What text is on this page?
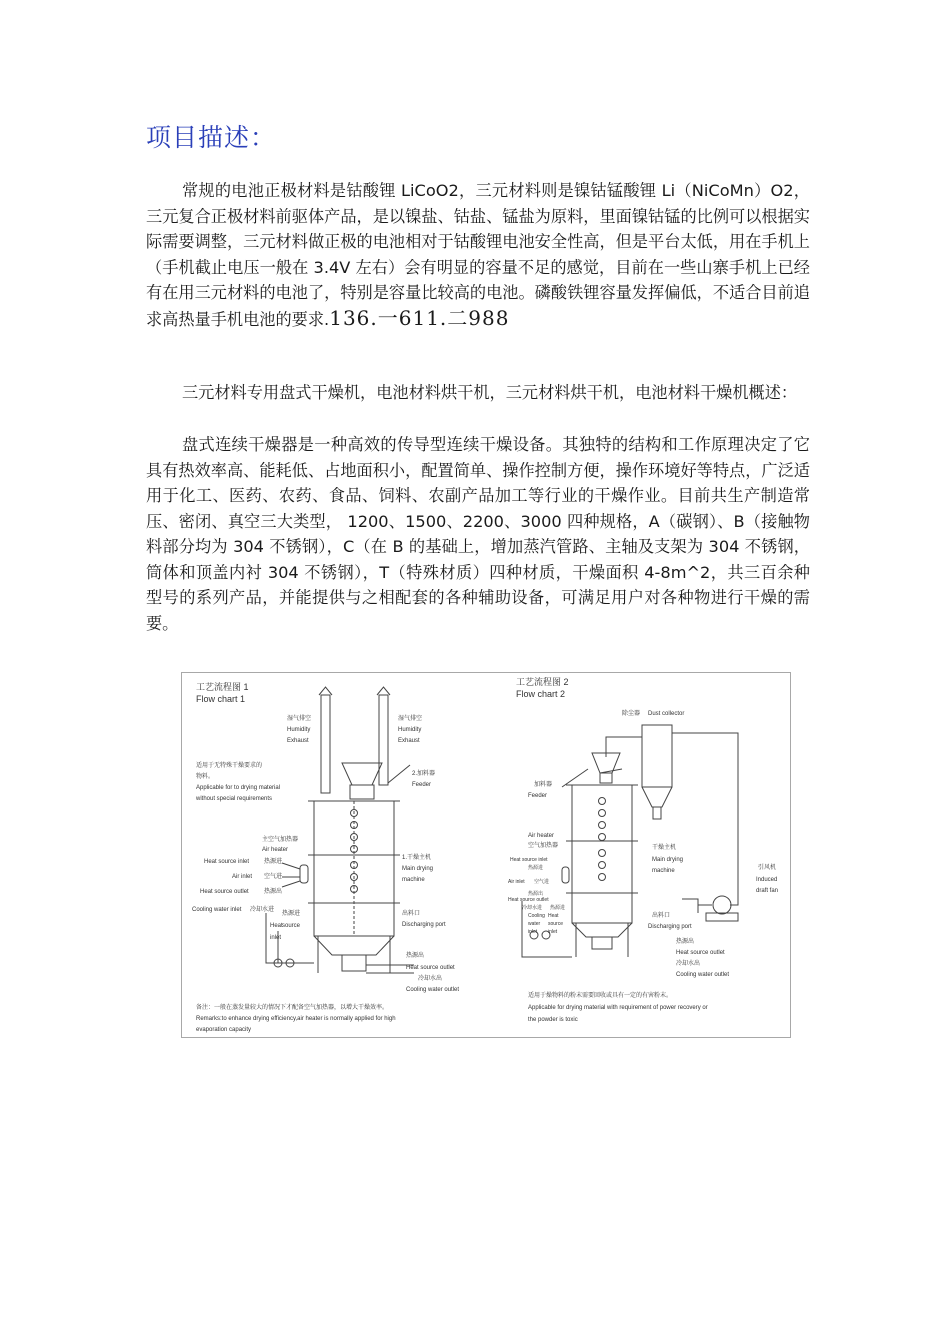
项目描述：

常规的电池正极材料是钴酸锂 LiCoO2，三元材料则是镍钴锰酸锂 Li（NiCoMn）O2，三元复合正极材料前驱体产品，是以镍盐、钴盐、锰盐为原料，里面镍钴锰的比例可以根据实际需要调整，三元材料做正极的电池相对于钴酸锂电池安全性高，但是平台太低，用在手机上（手机截止电压一般在 3.4V 左右）会有明显的容量不足的感觉，目前在一些山寨手机上已经有在用三元材料的电池了，特别是容量比较高的电池。磷酸铁锂容量发挥偏低，不适合目前追求高热量手机电池的要求.136.一611.二988

三元材料专用盘式干燥机，电池材料烘干机，三元材料烘干机，电池材料干燥机概述：

盘式连续干燥器是一种高效的传导型连续干燥设备。其独特的结构和工作原理决定了它具有热效率高、能耗低、占地面积小，配置简单、操作控制方便，操作环境好等特点，广泛适用于化工、医药、农药、食品、饲料、农副产品加工等行业的干燥作业。目前共生产制造常压、密闭、真空三大类型， 1200、1500、2200、3000 四种规格，A（碳钢）、B（接触物料部分均为 304 不锈钢），C（在 B 的基础上，增加蒸汽管路、主轴及支架为 304 不锈钢，筒体和顶盖内衬 304 不锈钢），T（特殊材质）四种材质，干燥面积 4-8m^2，共三百余种型号的系列产品，并能提供与之相配套的各种辅助设备，可满足用户对各种物进行干燥的需要。

工艺流程图 1
Flow chart 1
湿气排空
Humidity
Exhaust
湿气排空
Humidity
Exhaust
适用于无特殊干燥要求的
物料。
Applicable for to drying material
without special requirements
2.加料器
Feeder
1.干燥主机
Main drying
machine
出料口
Discharging port
主空气加热器
Air heater
Heat source inlet 热源进
Air inlet 空气进
Heat source outlet	热源出
Cooling water inlet 冷却水进
热源进
Heat source
inlet
热源出
Heat source outlet
冷却水出
Cooling water outlet
备注：一般在蒸发量较大的情况下才配备空气加热器，以增大干燥效率。
Remarks:to enhance drying efficiency,air heater is normally applied for high
evaporation capacity
工艺流程图 2
Flow chart 2
除尘器 Dust collector
加料器
Feeder
干燥主机
Main drying
machine
出料口
Discharging port
Air heater
空气加热器
Heat source inlet
热源进
Air inlet 空气进
热源出
Heat source outlet
冷却水进
Cooling
water
inlet
热源进
Heat
source
inlet
引风机
Induced
draft fan
热源出
Heat source outlet
冷却水出
Cooling water outlet
适用于燥物料的粉末需要回收或具有一定的有害粉末。
Applicable for drying material with requirement of power recovery or
the powder is toxic
